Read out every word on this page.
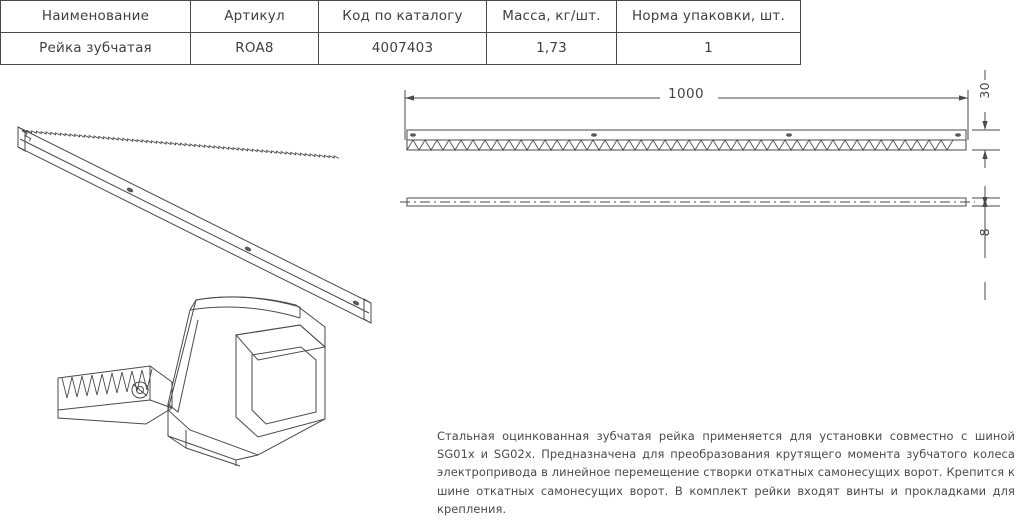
Наименование	Артикул	Код по каталогу	Масса, кг/шт.	Норма упаковки, шт.
Рейка зубчатая	ROA8	4007403	1,73	1
1000	30
8

Стальная оцинкованная зубчатая рейка применяется для установки совместно с шиной SG01х и SG02х. Предназначена для преобразования крутящего момента зубчатого колеса электропривода в линейное перемещение створки откатных самонесущих ворот. Крепится к шине откатных самонесущих ворот. В комплект рейки входят винты и прокладками для крепления.
